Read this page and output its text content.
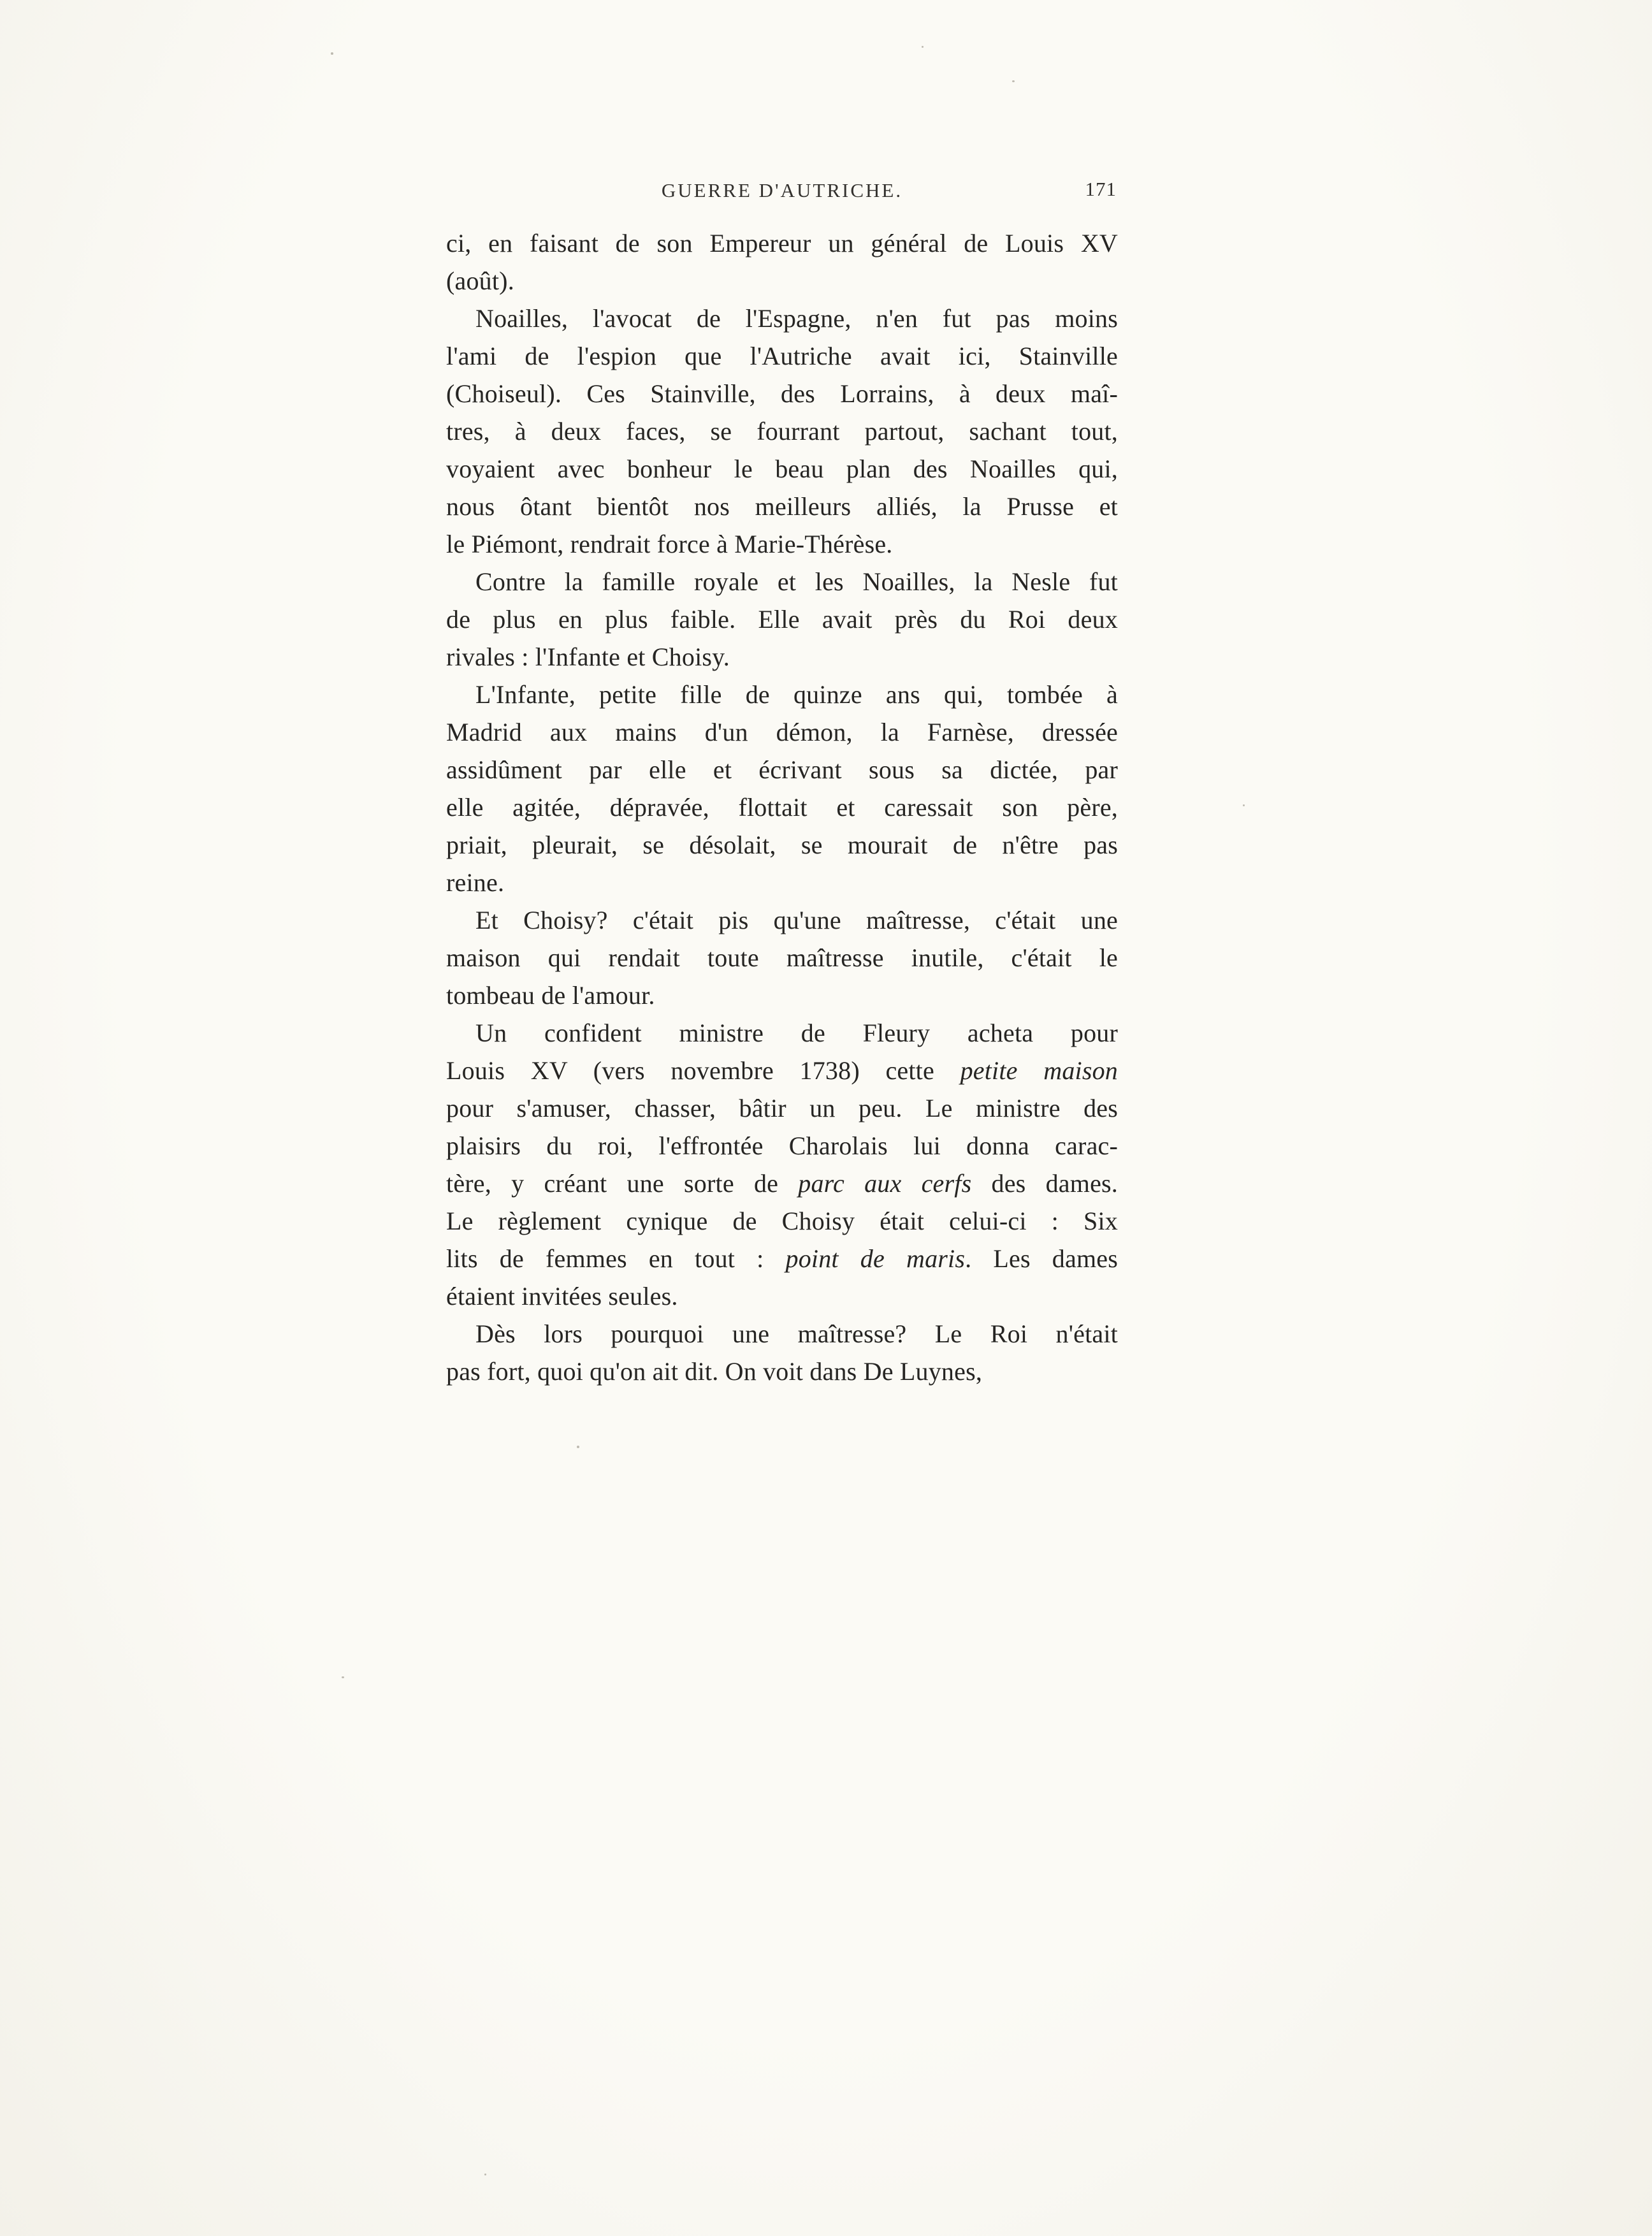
GUERRE D'AUTRICHE.	171
ci, en faisant de son Empereur un général de Louis XV
(août).
Noailles, l'avocat de l'Espagne, n'en fut pas moins
l'ami de l'espion que l'Autriche avait ici, Stainville
(Choiseul). Ces Stainville, des Lorrains, à deux maî-
tres, à deux faces, se fourrant partout, sachant tout,
voyaient avec bonheur le beau plan des Noailles qui,
nous ôtant bientôt nos meilleurs alliés, la Prusse et
le Piémont, rendrait force à Marie-Thérèse.
Contre la famille royale et les Noailles, la Nesle fut
de plus en plus faible. Elle avait près du Roi deux
rivales : l'Infante et Choisy.
L'Infante, petite fille de quinze ans qui, tombée à
Madrid aux mains d'un démon, la Farnèse, dressée
assidûment par elle et écrivant sous sa dictée, par
elle agitée, dépravée, flottait et caressait son père,
priait, pleurait, se désolait, se mourait de n'être pas
reine.
Et Choisy? c'était pis qu'une maîtresse, c'était une
maison qui rendait toute maîtresse inutile, c'était le
tombeau de l'amour.
Un confident ministre de Fleury acheta pour
Louis XV (vers novembre 1738) cette petite maison
pour s'amuser, chasser, bâtir un peu. Le ministre des
plaisirs du roi, l'effrontée Charolais lui donna carac-
tère, y créant une sorte de parc aux cerfs des dames.
Le règlement cynique de Choisy était celui-ci : Six
lits de femmes en tout : point de maris. Les dames
étaient invitées seules.
Dès lors pourquoi une maîtresse? Le Roi n'était
pas fort, quoi qu'on ait dit. On voit dans De Luynes,
